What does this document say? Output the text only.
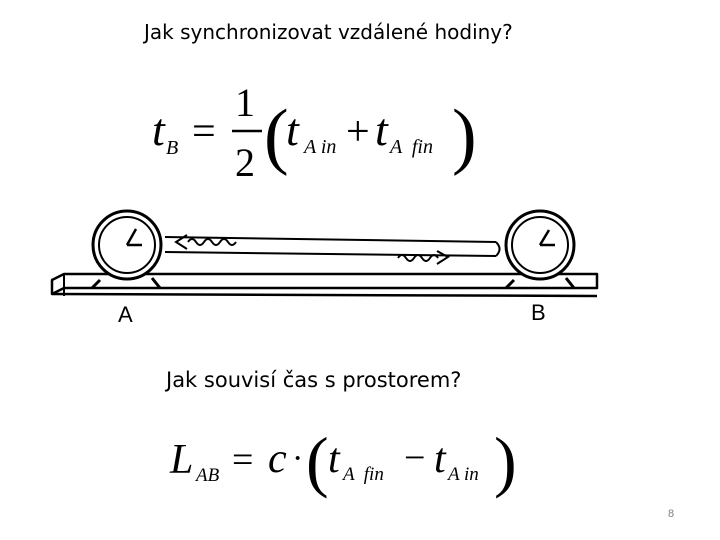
Jak synchronizovat vzdálené hodiny?
t B =
1
2 (
t A in + t A  fin )
A	B
Jak souvisí čas s prostorem?
L AB = c · ( t A  fin − t A in )
8
